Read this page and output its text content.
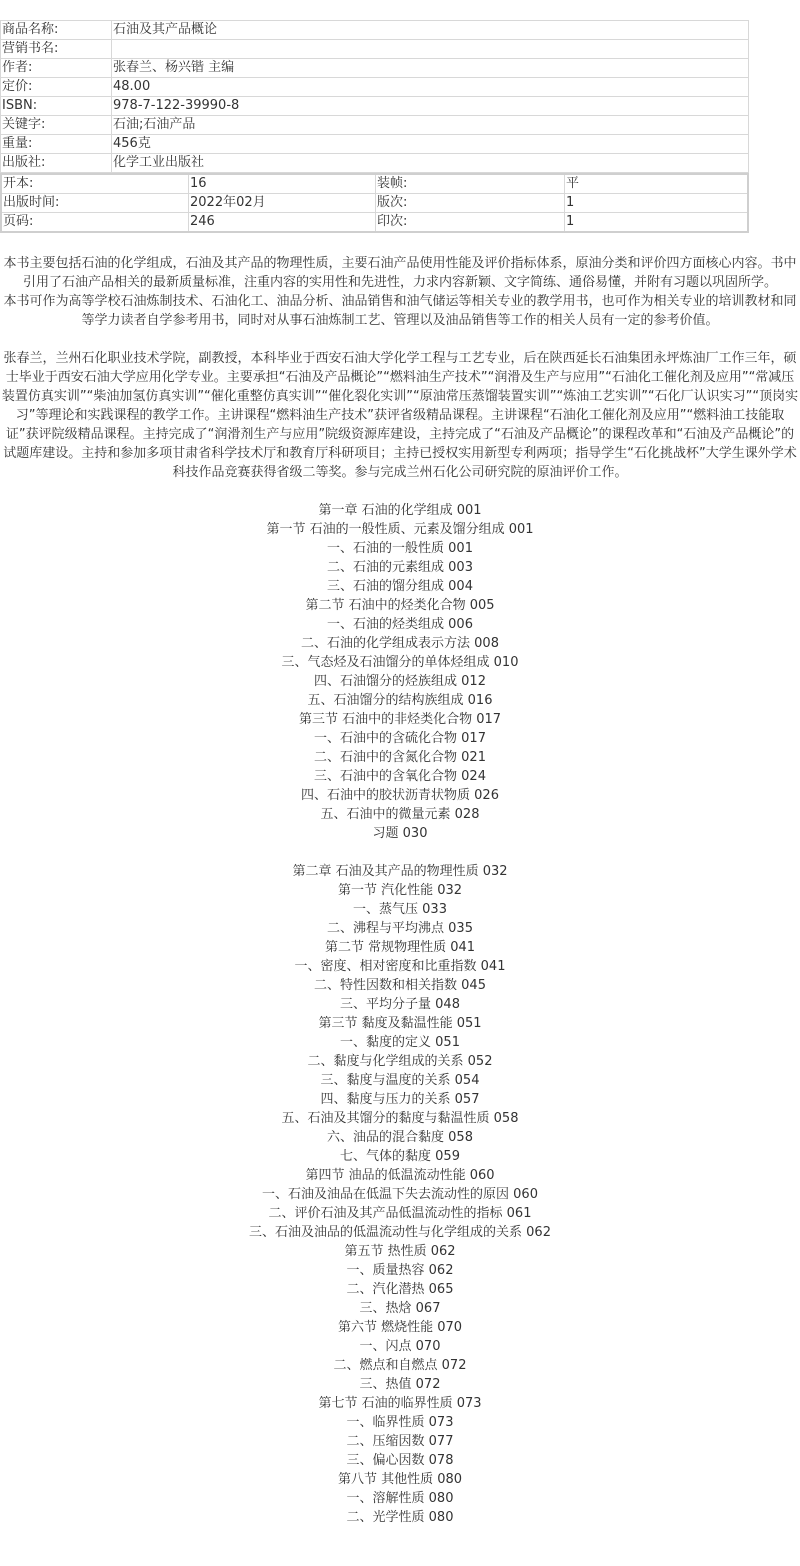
商品名称:	石油及其产品概论
营销书名:	
作者:	张春兰、杨兴锴 主编
定价:	48.00
ISBN:	978-7-122-39990-8
关键字:	石油;石油产品
重量:	456克
出版社:	化学工业出版社
开本:	16	装帧:	平
出版时间:	2022年02月	版次:	1
页码:	246	印次:	1

本书主要包括石油的化学组成，石油及其产品的物理性质，主要石油产品使用性能及评价指标体系，原油分类和评价四方面核心内容。书中引用了石油产品相关的最新质量标准，注重内容的实用性和先进性，力求内容新颖、文字简练、通俗易懂，并附有习题以巩固所学。

本书可作为高等学校石油炼制技术、石油化工、油品分析、油品销售和油气储运等相关专业的教学用书，也可作为相关专业的培训教材和同等学力读者自学参考用书，同时对从事石油炼制工艺、管理以及油品销售等工作的相关人员有一定的参考价值。

张春兰，兰州石化职业技术学院，副教授，本科毕业于西安石油大学化学工程与工艺专业，后在陕西延长石油集团永坪炼油厂工作三年，硕士毕业于西安石油大学应用化学专业。主要承担“石油及产品概论”“燃料油生产技术”“润滑及生产与应用”“石油化工催化剂及应用”“常减压装置仿真实训”“柴油加氢仿真实训”“催化重整仿真实训”“催化裂化实训”“原油常压蒸馏装置实训”“炼油工艺实训”“石化厂认识实习”“顶岗实习”等理论和实践课程的教学工作。主讲课程“燃料油生产技术”获评省级精品课程。主讲课程“石油化工催化剂及应用”“燃料油工技能取证”获评院级精品课程。主持完成了“润滑剂生产与应用”院级资源库建设，主持完成了“石油及产品概论”的课程改革和“石油及产品概论”的试题库建设。主持和参加多项甘肃省科学技术厅和教育厅科研项目；主持已授权实用新型专利两项；指导学生“石化挑战杯”大学生课外学术科技作品竞赛获得省级二等奖。参与完成兰州石化公司研究院的原油评价工作。

第一章 石油的化学组成 001
第一节 石油的一般性质、元素及馏分组成 001
一、石油的一般性质 001
二、石油的元素组成 003
三、石油的馏分组成 004
第二节 石油中的烃类化合物 005
一、石油的烃类组成 006
二、石油的化学组成表示方法 008
三、气态烃及石油馏分的单体烃组成 010
四、石油馏分的烃族组成 012
五、石油馏分的结构族组成 016
第三节 石油中的非烃类化合物 017
一、石油中的含硫化合物 017
二、石油中的含氮化合物 021
三、石油中的含氧化合物 024
四、石油中的胶状沥青状物质 026
五、石油中的微量元素 028
习题 030
第二章 石油及其产品的物理性质 032
第一节 汽化性能 032
一、蒸气压 033
二、沸程与平均沸点 035
第二节 常规物理性质 041
一、密度、相对密度和比重指数 041
二、特性因数和相关指数 045
三、平均分子量 048
第三节 黏度及黏温性能 051
一、黏度的定义 051
二、黏度与化学组成的关系 052
三、黏度与温度的关系 054
四、黏度与压力的关系 057
五、石油及其馏分的黏度与黏温性质 058
六、油品的混合黏度 058
七、气体的黏度 059
第四节 油品的低温流动性能 060
一、石油及油品在低温下失去流动性的原因 060
二、评价石油及其产品低温流动性的指标 061
三、石油及油品的低温流动性与化学组成的关系 062
第五节 热性质 062
一、质量热容 062
二、汽化潜热 065
三、热焓 067
第六节 燃烧性能 070
一、闪点 070
二、燃点和自燃点 072
三、热值 072
第七节 石油的临界性质 073
一、临界性质 073
二、压缩因数 077
三、偏心因数 078
第八节 其他性质 080
一、溶解性质 080
二、光学性质 080
